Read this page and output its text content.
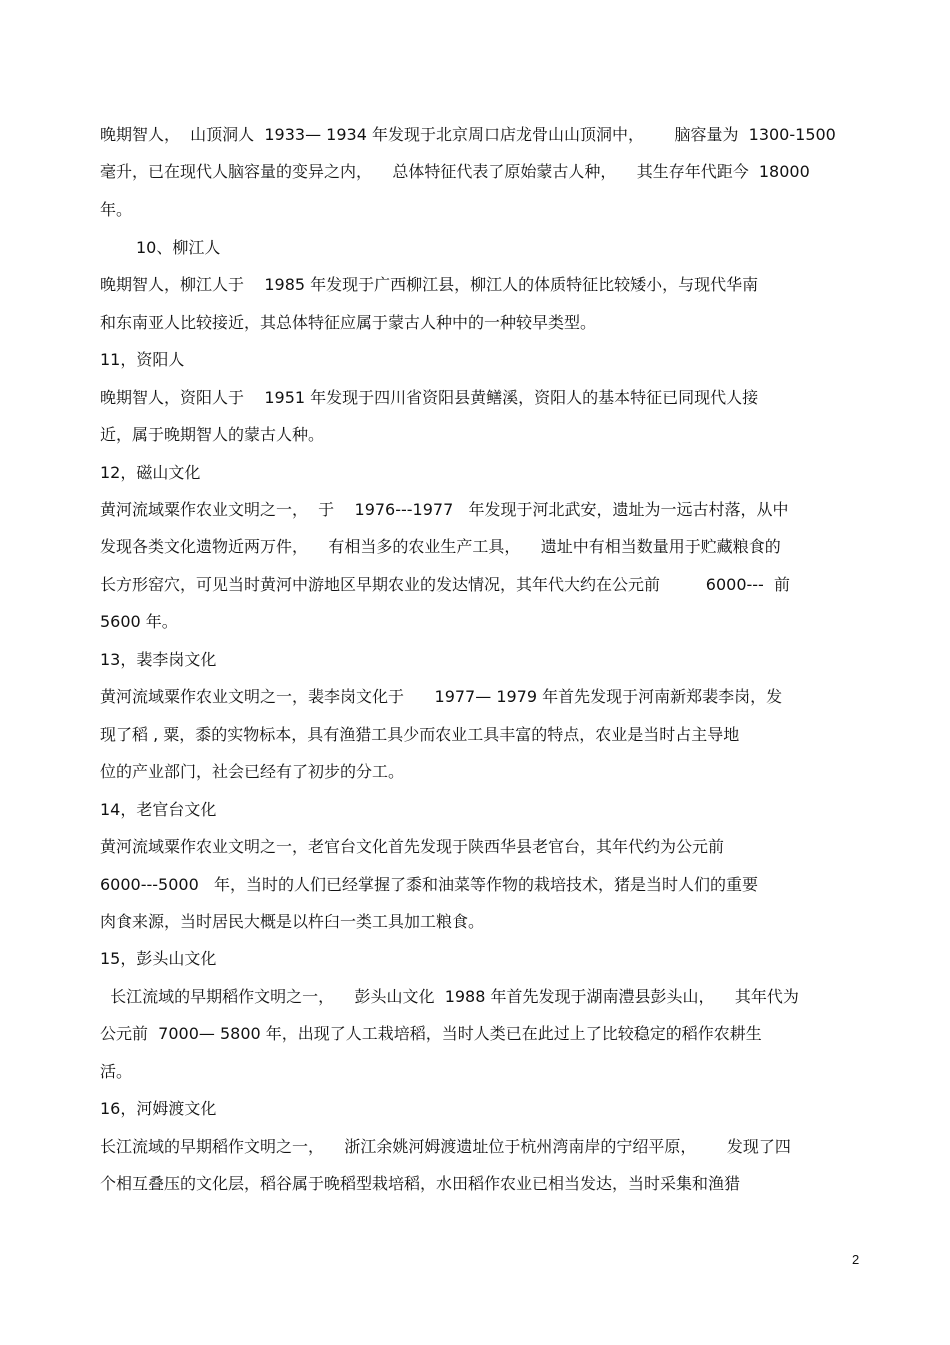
晚期智人，  山顶洞人  1933— 1934 年发现于北京周口店龙骨山山顶洞中，      脑容量为  1300-1500
毫升，已在现代人脑容量的变异之内，    总体特征代表了原始蒙古人种，    其生存年代距今  18000
年。
10、柳江人
晚期智人，柳江人于    1985 年发现于广西柳江县，柳江人的体质特征比较矮小，与现代华南
和东南亚人比较接近，其总体特征应属于蒙古人种中的一种较早类型。
11，资阳人
晚期智人，资阳人于    1951 年发现于四川省资阳县黄鳝溪，资阳人的基本特征已同现代人接
近，属于晚期智人的蒙古人种。
12，磁山文化
黄河流域粟作农业文明之一，  于    1976---1977   年发现于河北武安，遗址为一远古村落，从中
发现各类文化遗物近两万件，    有相当多的农业生产工具，    遗址中有相当数量用于贮藏粮食的
长方形窑穴，可见当时黄河中游地区早期农业的发达情况，其年代大约在公元前         6000---  前
5600 年。
13，裴李岗文化
黄河流域粟作农业文明之一，裴李岗文化于      1977— 1979 年首先发现于河南新郑裴李岗，发
现了稻 , 粟，黍的实物标本，具有渔猎工具少而农业工具丰富的特点，农业是当时占主导地
位的产业部门，社会已经有了初步的分工。
14，老官台文化
黄河流域粟作农业文明之一，老官台文化首先发现于陕西华县老官台，其年代约为公元前
6000---5000   年，当时的人们已经掌握了黍和油菜等作物的栽培技术，猪是当时人们的重要
肉食来源，当时居民大概是以杵臼一类工具加工粮食。
15，彭头山文化
长江流域的早期稻作文明之一，    彭头山文化  1988 年首先发现于湖南澧县彭头山，    其年代为
公元前  7000— 5800 年，出现了人工栽培稻，当时人类已在此过上了比较稳定的稻作农耕生
活。
16，河姆渡文化
长江流域的早期稻作文明之一，    浙江余姚河姆渡遗址位于杭州湾南岸的宁绍平原，      发现了四
个相互叠压的文化层，稻谷属于晚稻型栽培稻，水田稻作农业已相当发达，当时采集和渔猎
2
